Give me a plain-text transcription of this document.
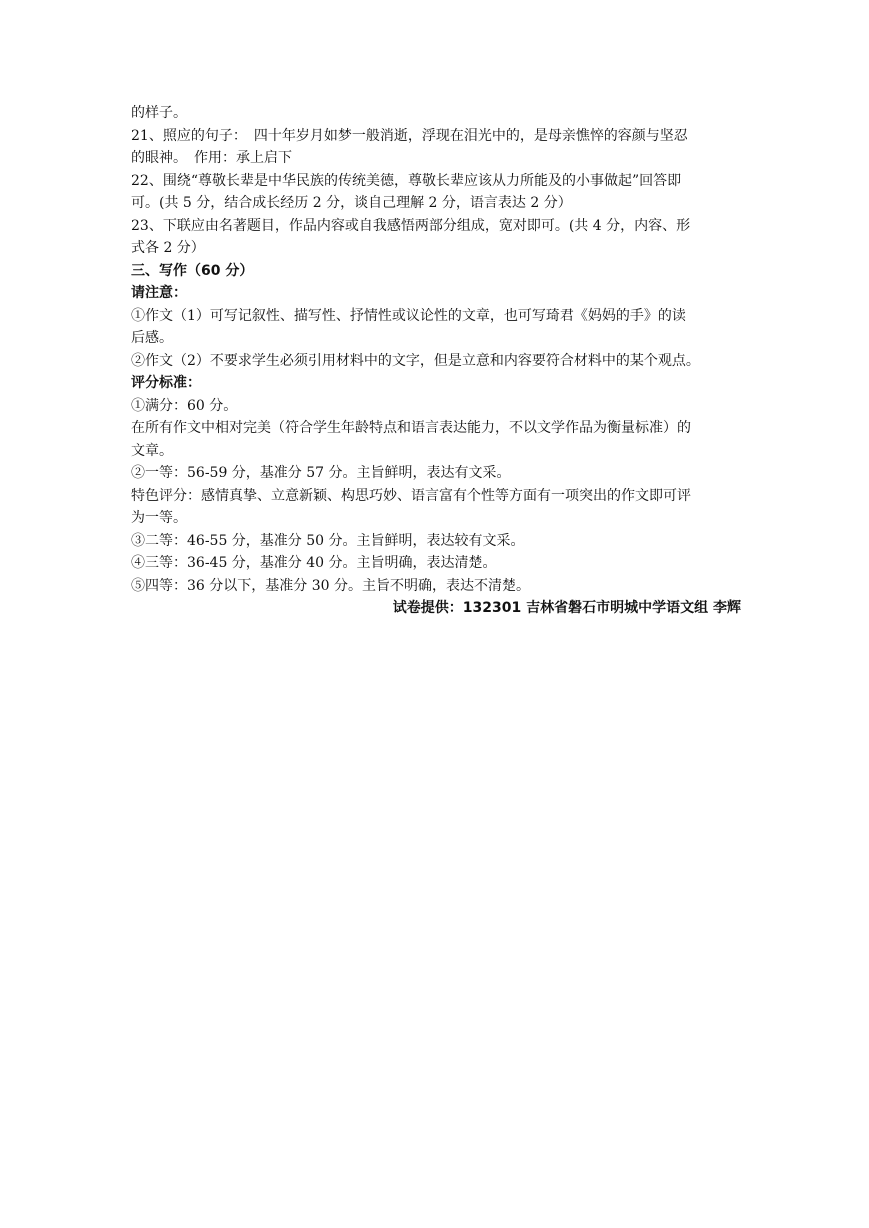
的样子。
21、照应的句子：　四十年岁月如梦一般消逝，浮现在泪光中的，是母亲憔悴的容颜与坚忍
的眼神。　作用：承上启下
22、围绕“尊敬长辈是中华民族的传统美德，尊敬长辈应该从力所能及的小事做起”回答即
可。(共 5 分，结合成长经历 2 分，谈自己理解 2 分，语言表达 2 分）
23、下联应由名著题目，作品内容或自我感悟两部分组成，宽对即可。(共 4 分，内容、形
式各 2 分）
三、写作（60 分）
请注意：
①作文（1）可写记叙性、描写性、抒情性或议论性的文章，也可写琦君《妈妈的手》的读
后感。
②作文（2）不要求学生必须引用材料中的文字，但是立意和内容要符合材料中的某个观点。
评分标准：
①满分：60 分。
在所有作文中相对完美（符合学生年龄特点和语言表达能力，不以文学作品为衡量标准）的
文章。
②一等：56-59 分，基准分 57 分。主旨鲜明，表达有文采。
特色评分：感情真挚、立意新颖、构思巧妙、语言富有个性等方面有一项突出的作文即可评
为一等。
③二等：46-55 分，基准分 50 分。主旨鲜明，表达较有文采。
④三等：36-45 分，基准分 40 分。主旨明确，表达清楚。
⑤四等：36 分以下，基准分 30 分。主旨不明确，表达不清楚。
试卷提供：132301 吉林省磐石市明城中学语文组 李辉
